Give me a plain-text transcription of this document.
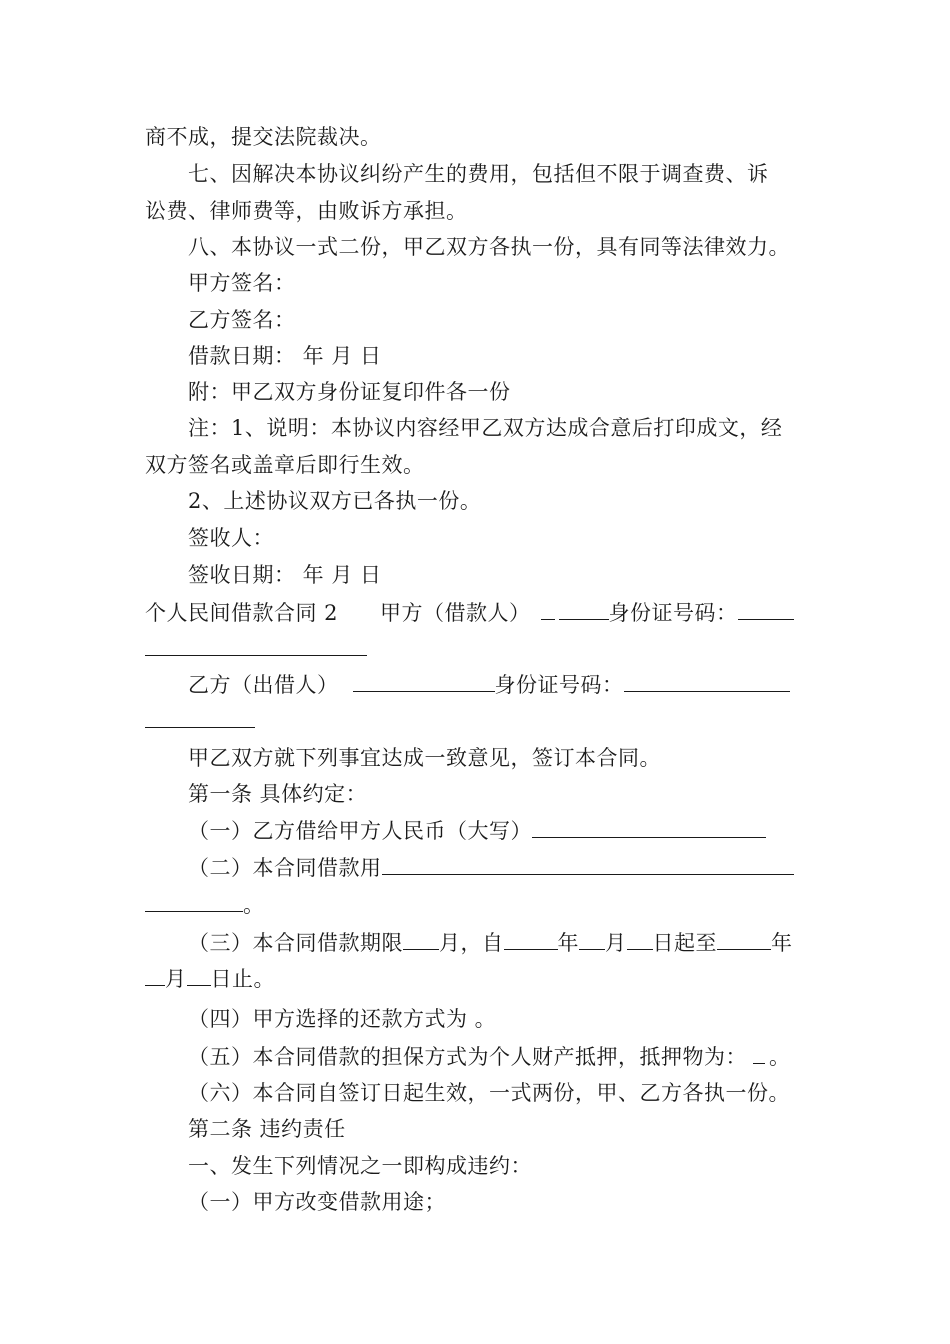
商不成，提交法院裁决。
七、因解决本协议纠纷产生的费用，包括但不限于调查费、诉
讼费、律师费等，由败诉方承担。
八、本协议一式二份，甲乙双方各执一份，具有同等法律效力。
甲方签名：
乙方签名：
借款日期： 年 月 日
附：甲乙双方身份证复印件各一份
注：1、说明：本协议内容经甲乙双方达成合意后打印成文，经
双方签名或盖章后即行生效。
2、上述协议双方已各执一份。
签收人：
签收日期： 年 月 日
个人民间借款合同 2 甲方（借款人）	身份证号码：
乙方（出借人）	身份证号码：
甲乙双方就下列事宜达成一致意见，签订本合同。
第一条 具体约定：
（一）乙方借给甲方人民币（大写）
（二）本合同借款用
。
（三）本合同借款期限 月，自	年 月 日起至	年
月 日止。
（四）甲方选择的还款方式为 。
（五）本合同借款的担保方式为个人财产抵押，抵押物为： 。
（六）本合同自签订日起生效，一式两份，甲、乙方各执一份。
第二条 违约责任
一、发生下列情况之一即构成违约：
（一）甲方改变借款用途；
